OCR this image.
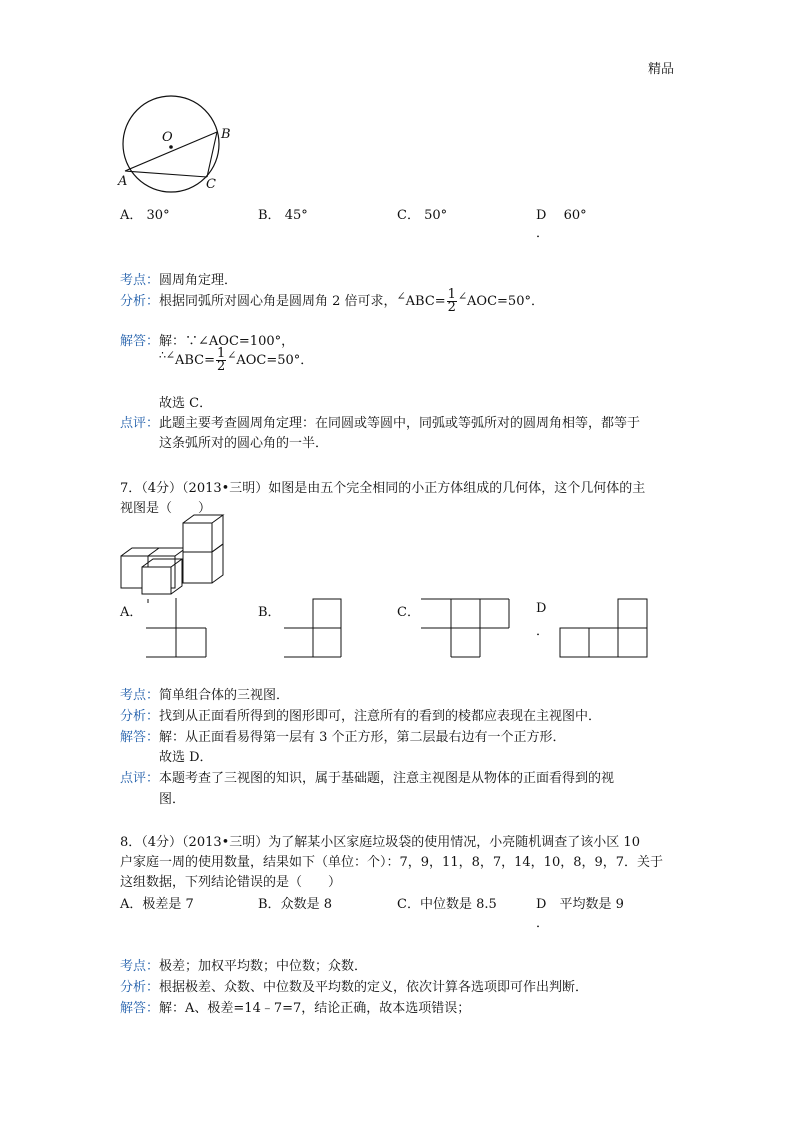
精品
O	B
A	C
A． 30°	B． 45°	C． 50°	D　 60°
．
考点：圆周角定理．
分析：根据同弧所对圆心角是圆周角 2 倍可求，$^\angle ABC= \frac{1}{2} ^\angle AOC=50^\circ$．
解答：解：∵∠AOC=100°，
$^{\therefore\angle}ABC= \frac{1}{2} ^\angle AOC=50^\circ$．
故选 C．
点评：此题主要考查圆周角定理：在同圆或等圆中，同弧或等弧所对的圆周角相等，都等于
这条弧所对的圆心角的一半．
7．（4分）（2013•三明）如图是由五个完全相同的小正方体组成的几何体，这个几何体的主
视图是（　　）
A．	B．	C．	D
．
考点：简单组合体的三视图．
分析：找到从正面看所得到的图形即可，注意所有的看到的棱都应表现在主视图中．
解答：解：从正面看易得第一层有 3 个正方形，第二层最右边有一个正方形．
故选 D．
点评：本题考查了三视图的知识，属于基础题，注意主视图是从物体的正面看得到的视
图．
8．（4分）（2013•三明）为了解某小区家庭垃圾袋的使用情况，小亮随机调查了该小区 10
户家庭一周的使用数量，结果如下（单位：个）：7，9，11，8，7，14，10，8，9，7．关于
这组数据，下列结论错误的是（　　）
A．极差是 7	B．众数是 8	C．中位数是 8.5	D　 平均数是 9
．
考点：极差；加权平均数；中位数；众数．
分析：根据极差、众数、中位数及平均数的定义，依次计算各选项即可作出判断．
解答：解：A、极差=14﹣7=7，结论正确，故本选项错误；
